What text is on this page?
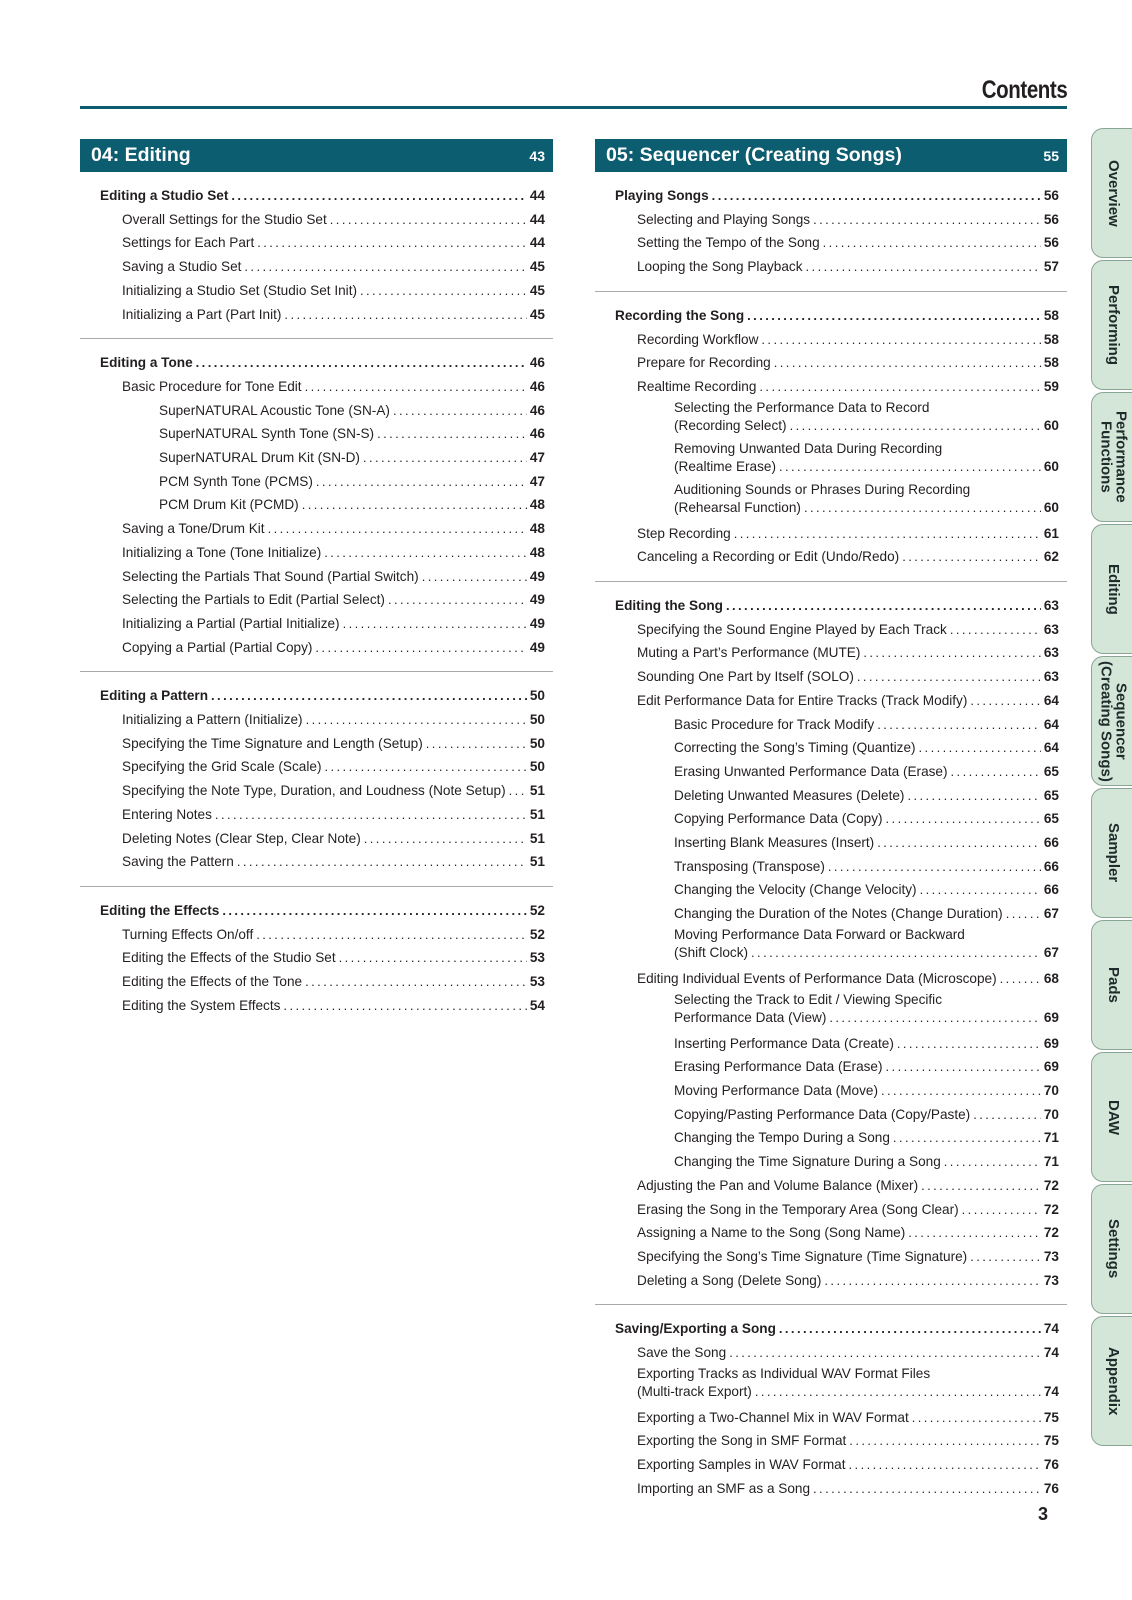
Contents
04: Editing	43
Editing a Studio Set . . .	44
Overall Settings for the Studio Set . . .	44
Settings for Each Part . . .	44
Saving a Studio Set . . .	45
Initializing a Studio Set (Studio Set Init) . . .	45
Initializing a Part (Part Init) . . .	45
Editing a Tone . . .	46
Basic Procedure for Tone Edit . . .	46
SuperNATURAL Acoustic Tone (SN-A) . . .	46
SuperNATURAL Synth Tone (SN-S) . . .	46
SuperNATURAL Drum Kit (SN-D) . . .	47
PCM Synth Tone (PCMS) . . .	47
PCM Drum Kit (PCMD) . . .	48
Saving a Tone/Drum Kit . . .	48
Initializing a Tone (Tone Initialize) . . .	48
Selecting the Partials That Sound (Partial Switch) . . .	49
Selecting the Partials to Edit (Partial Select) . . .	49
Initializing a Partial (Partial Initialize) . . .	49
Copying a Partial (Partial Copy) . . .	49
Editing a Pattern . . .	50
Initializing a Pattern (Initialize) . . .	50
Specifying the Time Signature and Length (Setup) . . .	50
Specifying the Grid Scale (Scale) . . .	50
Specifying the Note Type, Duration, and Loudness (Note Setup) . . . 51
Entering Notes . . .	51
Deleting Notes (Clear Step, Clear Note) . . .	51
Saving the Pattern . . .	51
Editing the Effects . . .	52
Turning Effects On/off . . .	52
Editing the Effects of the Studio Set . . .	53
Editing the Effects of the Tone . . .	53
Editing the System Effects . . .	54
05: Sequencer (Creating Songs)	55
Playing Songs . . .	56
Selecting and Playing Songs . . .	56
Setting the Tempo of the Song . . .	56
Looping the Song Playback . . .	57
Recording the Song . . .	58
Recording Workflow . . .	58
Prepare for Recording . . .	58
Realtime Recording . . .	59
Selecting the Performance Data to Record
(Recording Select) . . .	60
Removing Unwanted Data During Recording
(Realtime Erase) . . .	60
Auditioning Sounds or Phrases During Recording
(Rehearsal Function) . . .	60
Step Recording . . .	61
Canceling a Recording or Edit (Undo/Redo) . . .	62
Editing the Song . . .	63
Specifying the Sound Engine Played by Each Track . . .	63
Muting a Part’s Performance (MUTE) . . .	63
Sounding One Part by Itself (SOLO) . . .	63
Edit Performance Data for Entire Tracks (Track Modify) . . .	64
Basic Procedure for Track Modify . . .	64
Correcting the Song’s Timing (Quantize) . . .	64
Erasing Unwanted Performance Data (Erase) . . .	65
Deleting Unwanted Measures (Delete) . . .	65
Copying Performance Data (Copy) . . .	65
Inserting Blank Measures (Insert) . . .	66
Transposing (Transpose) . . .	66
Changing the Velocity (Change Velocity) . . .	66
Changing the Duration of the Notes (Change Duration) . . .	67
Moving Performance Data Forward or Backward
(Shift Clock) . . .	67
Editing Individual Events of Performance Data (Microscope) . . .	68
Selecting the Track to Edit / Viewing Specific
Performance Data (View) . . .	69
Inserting Performance Data (Create) . . .	69
Erasing Performance Data (Erase) . . .	69
Moving Performance Data (Move) . . .	70
Copying/Pasting Performance Data (Copy/Paste) . . .	70
Changing the Tempo During a Song . . .	71
Changing the Time Signature During a Song . . .	71
Adjusting the Pan and Volume Balance (Mixer) . . .	72
Erasing the Song in the Temporary Area (Song Clear) . . .	72
Assigning a Name to the Song (Song Name) . . .	72
Specifying the Song’s Time Signature (Time Signature) . . .	73
Deleting a Song (Delete Song) . . .	73
Saving/Exporting a Song . . .	74
Save the Song . . .	74
Exporting Tracks as Individual WAV Format Files
(Multi-track Export) . . .	74
Exporting a Two-Channel Mix in WAV Format . . .	75
Exporting the Song in SMF Format . . .	75
Exporting Samples in WAV Format . . .	76
Importing an SMF as a Song . . .	76
Overview
Performing
Performance
Functions
Editing
Sequencer
(Creating Songs)
Sampler
Pads
DAW
Settings
Appendix
3
